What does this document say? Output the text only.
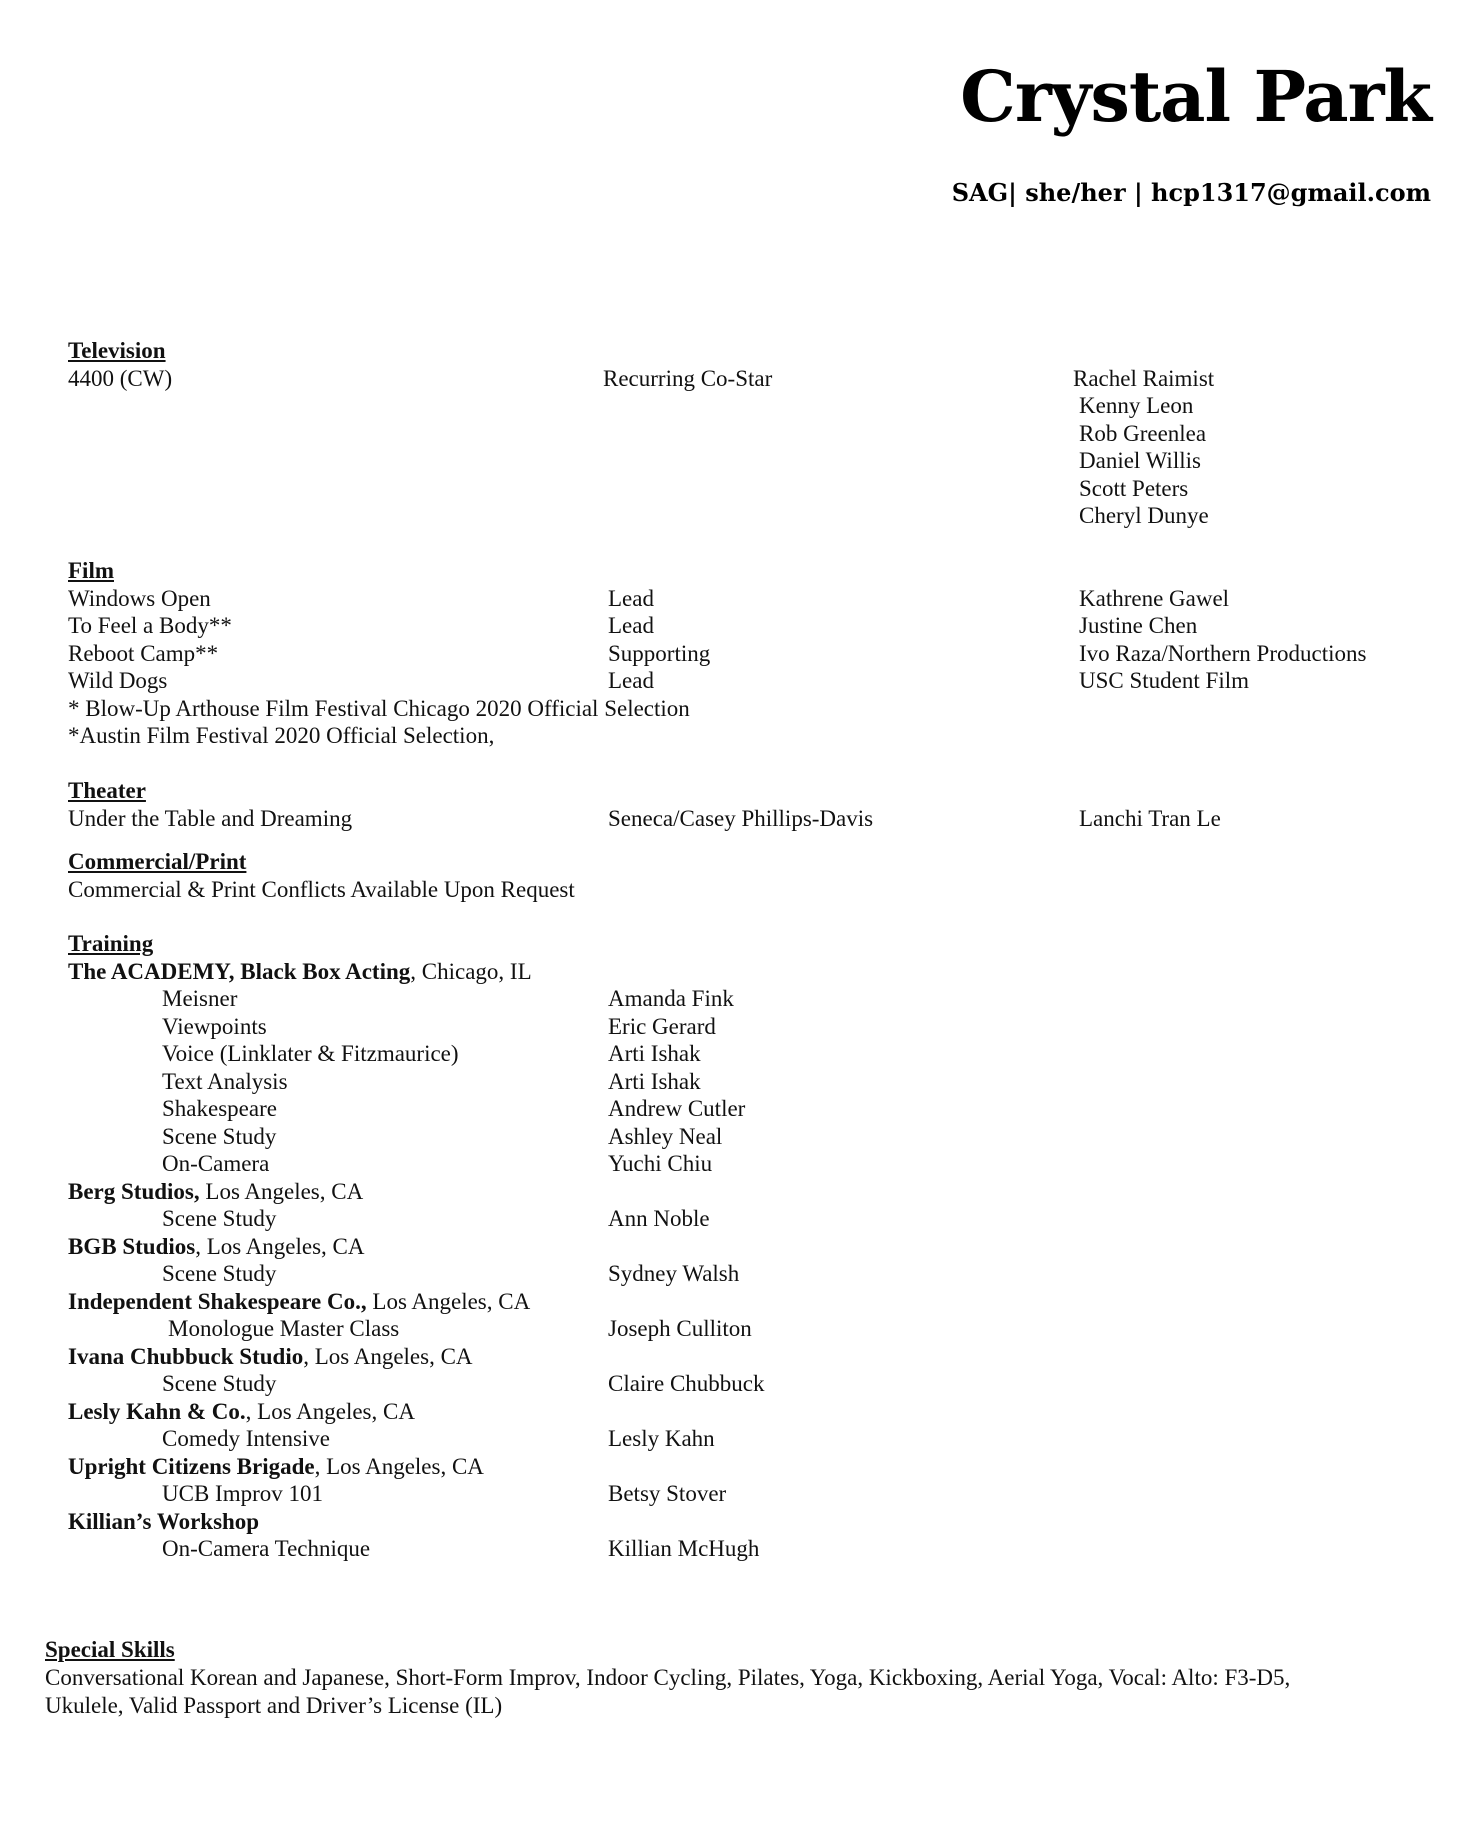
Crystal Park
SAG| she/her | hcp1317@gmail.com
Television
4400 (CW)	Recurring Co-Star	Rachel Raimist
Kenny Leon
Rob Greenlea
Daniel Willis
Scott Peters
Cheryl Dunye
Film
Windows Open	Lead	Kathrene Gawel
To Feel a Body**	Lead	Justine Chen
Reboot Camp**	Supporting	Ivo Raza/Northern Productions
Wild Dogs	Lead	USC Student Film
* Blow-Up Arthouse Film Festival Chicago 2020 Official Selection
*Austin Film Festival 2020 Official Selection,
Theater
Under the Table and Dreaming	Seneca/Casey Phillips-Davis	Lanchi Tran Le
Commercial/Print
Commercial & Print Conflicts Available Upon Request
Training
The ACADEMY, Black Box Acting, Chicago, IL
Meisner	Amanda Fink
Viewpoints	Eric Gerard
Voice (Linklater & Fitzmaurice)	Arti Ishak
Text Analysis	Arti Ishak
Shakespeare	Andrew Cutler
Scene Study	Ashley Neal
On-Camera	Yuchi Chiu
Berg Studios, Los Angeles, CA
Scene Study	Ann Noble
BGB Studios, Los Angeles, CA
Scene Study	Sydney Walsh
Independent Shakespeare Co., Los Angeles, CA
Monologue Master Class	Joseph Culliton
Ivana Chubbuck Studio, Los Angeles, CA
Scene Study	Claire Chubbuck
Lesly Kahn & Co., Los Angeles, CA
Comedy Intensive	Lesly Kahn
Upright Citizens Brigade, Los Angeles, CA
UCB Improv 101	Betsy Stover
Killian’s Workshop
On-Camera Technique	Killian McHugh
Special Skills

Conversational Korean and Japanese, Short-Form Improv, Indoor Cycling, Pilates, Yoga, Kickboxing, Aerial Yoga, Vocal: Alto: F3-D5,

Ukulele, Valid Passport and Driver’s License (IL)
